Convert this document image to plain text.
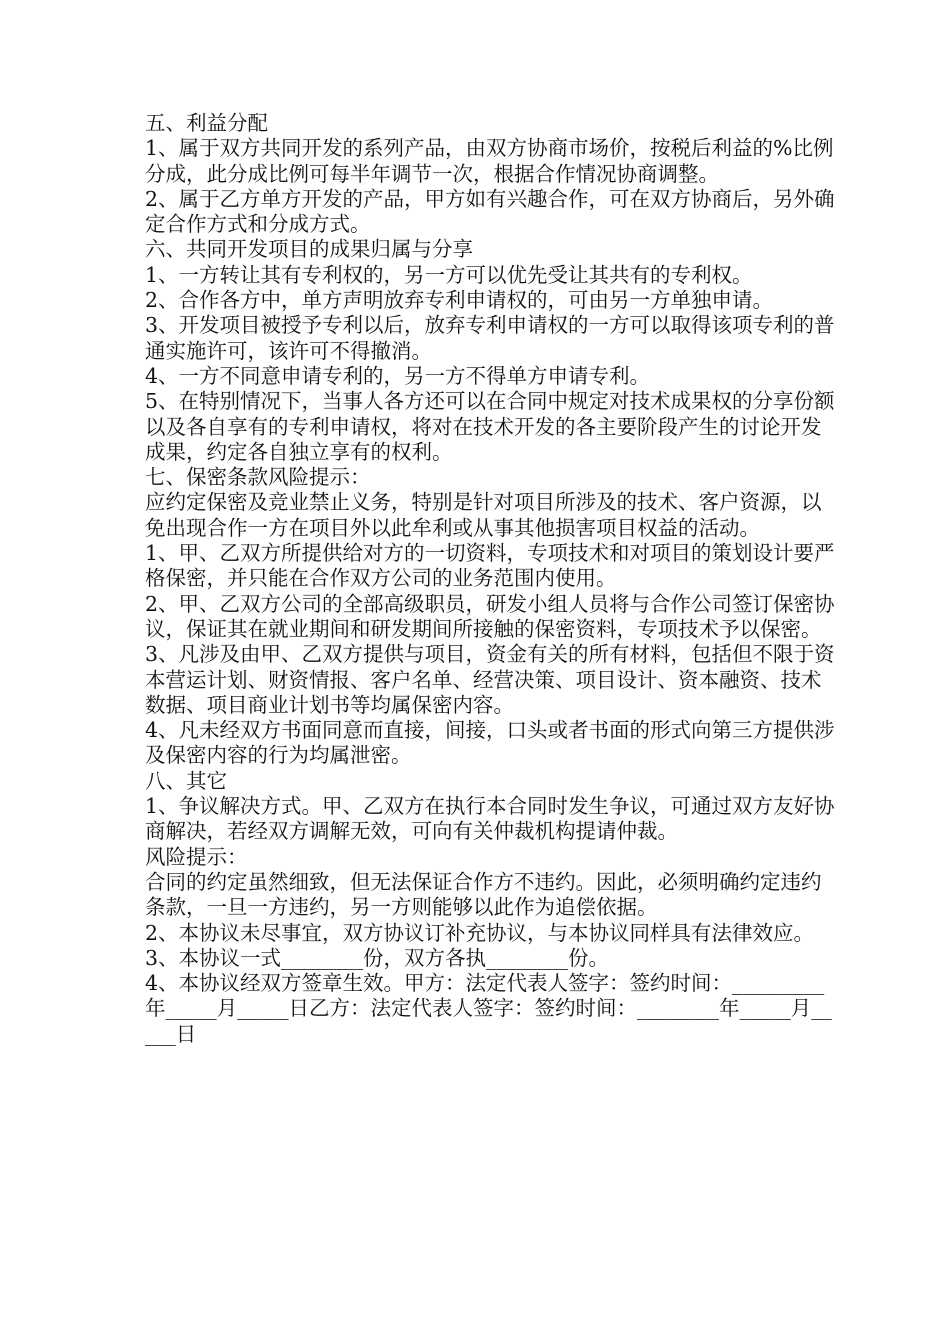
五、利益分配

1、属于双方共同开发的系列产品，由双方协商市场价，按税后利益的%比例分成，此分成比例可每半年调节一次，根据合作情况协商调整。

2、属于乙方单方开发的产品，甲方如有兴趣合作，可在双方协商后，另外确定合作方式和分成方式。

六、共同开发项目的成果归属与分享

1、一方转让其有专利权的，另一方可以优先受让其共有的专利权。

2、合作各方中，单方声明放弃专利申请权的，可由另一方单独申请。

3、开发项目被授予专利以后，放弃专利申请权的一方可以取得该项专利的普通实施许可，该许可不得撤消。

4、一方不同意申请专利的，另一方不得单方申请专利。

5、在特别情况下，当事人各方还可以在合同中规定对技术成果权的分享份额以及各自享有的专利申请权，将对在技术开发的各主要阶段产生的讨论开发成果，约定各自独立享有的权利。

七、保密条款风险提示：

应约定保密及竞业禁止义务，特别是针对项目所涉及的技术、客户资源，以免出现合作一方在项目外以此牟利或从事其他损害项目权益的活动。

1、甲、乙双方所提供给对方的一切资料，专项技术和对项目的策划设计要严格保密，并只能在合作双方公司的业务范围内使用。

2、甲、乙双方公司的全部高级职员，研发小组人员将与合作公司签订保密协议，保证其在就业期间和研发期间所接触的保密资料，专项技术予以保密。

3、凡涉及由甲、乙双方提供与项目，资金有关的所有材料，包括但不限于资本营运计划、财资情报、客户名单、经营决策、项目设计、资本融资、技术数据、项目商业计划书等均属保密内容。

4、凡未经双方书面同意而直接，间接，口头或者书面的形式向第三方提供涉及保密内容的行为均属泄密。

八、其它

1、争议解决方式。甲、乙双方在执行本合同时发生争议，可通过双方友好协商解决，若经双方调解无效，可向有关仲裁机构提请仲裁。

风险提示：

合同的约定虽然细致，但无法保证合作方不违约。因此，必须明确约定违约条款，一旦一方违约，另一方则能够以此作为追偿依据。

2、本协议未尽事宜，双方协议订补充协议，与本协议同样具有法律效应。

3、本协议一式________份，双方各执________份。

4、本协议经双方签章生效。甲方：法定代表人签字：签约时间：_________年_____月_____日乙方：法定代表人签字：签约时间：________年_____月_____日
